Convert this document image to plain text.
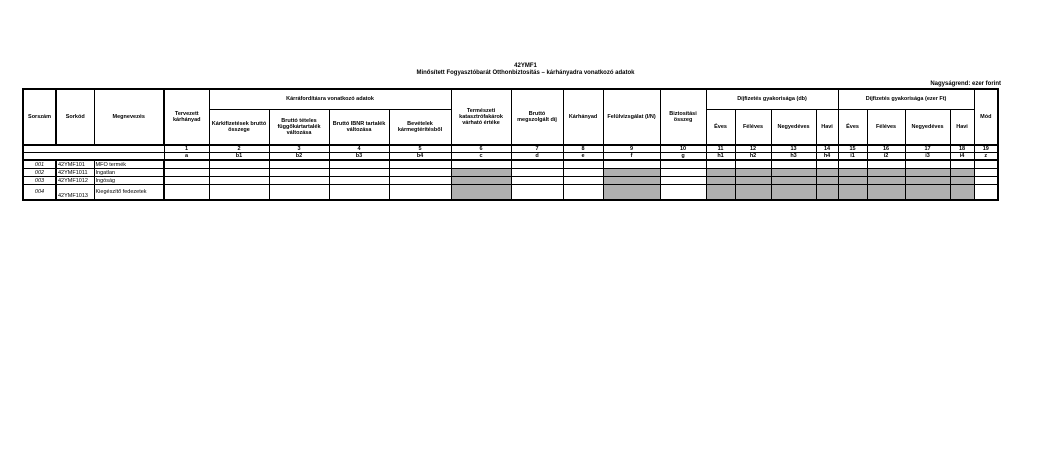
42YMF1
Minősített Fogyasztóbarát Otthonbiztosítás – kárhányadra vonatkozó adatok
Nagyságrend: ezer forint
Sorszám	Sorkód	Megnevezés	Tervezett kárhányad	Kárráfordításra vonatkozó adatok				Természeti katasztrófakárok várható értéke	Bruttó megszolgált díj	Kárhányad	Felülvizsgálat (I/N)	Biztosítási összeg	Díjfizetés gyakorisága (db)				Díjfizetés gyakorisága (ezer Ft)				Mód
				Kárkifizetések bruttó összege	Bruttó tételes függőkártartalék változása	Bruttó IBNR tartalék változása	Bevételek kármegtérítésből						Éves	Féléves	Negyedéves	Havi	Éves	Féléves	Negyedéves	Havi	
			1	2	3	4	5	6	7	8	9	10	11	12	13	14	15	16	17	18	19
			a	b1	b2	b3	b4	c	d	e	f	g	h1	h2	h3	h4	i1	i2	i3	i4	z
001	42YMF101	MFO termék																			
002	42YMF1011	Ingatlan																			
003	42YMF1012	Ingóság																			
004	42YMF1013	Kiegészítő fedezetek																			
